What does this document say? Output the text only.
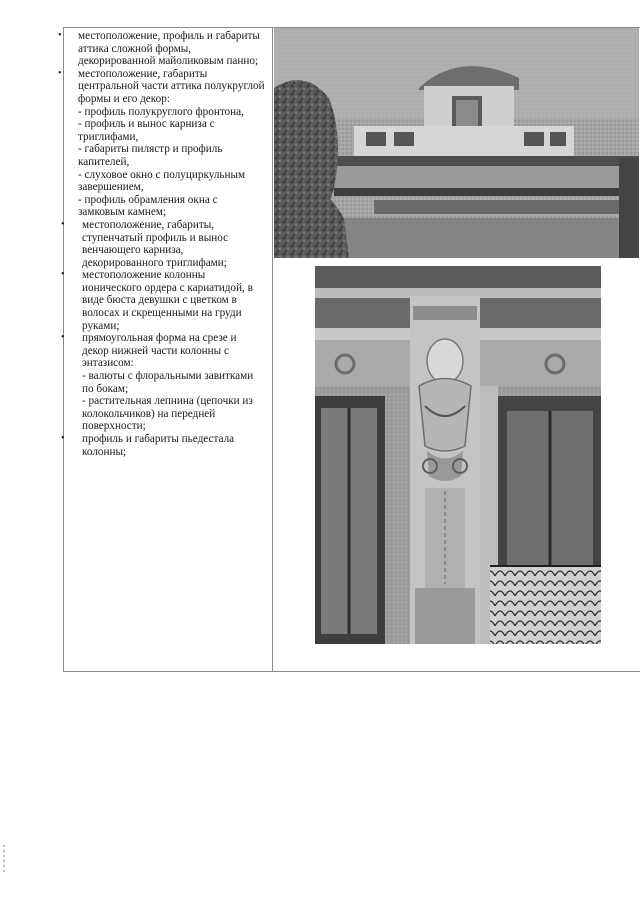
• местоположение, профиль и габариты аттика сложной формы, декорированной майоликовым панно;

• местоположение, габариты центральной части аттика полукруглой формы и его декор:

- профиль полукруглого фронтона,

- профиль и вынос карниза с триглифами,

- габариты пилястр и профиль капителей,

- слуховое окно с полуциркульным завершением,

- профиль обрамления окна с замковым камнем;

• местоположение, габариты, ступенчатый профиль и вынос венчающего карниза, декорированного триглифами;

• местоположение колонны ионического ордера с кариатидой, в виде бюста девушки с цветком в волосах и скрещенными на груди руками;

• прямоугольная форма на срезе и декор нижней части колонны с энтазисом:

- валюты с флоральными завитками по бокам;

- растительная лепнина (цепочки из колокольчиков) на передней поверхности;

• профиль и габариты пьедестала колонны;
